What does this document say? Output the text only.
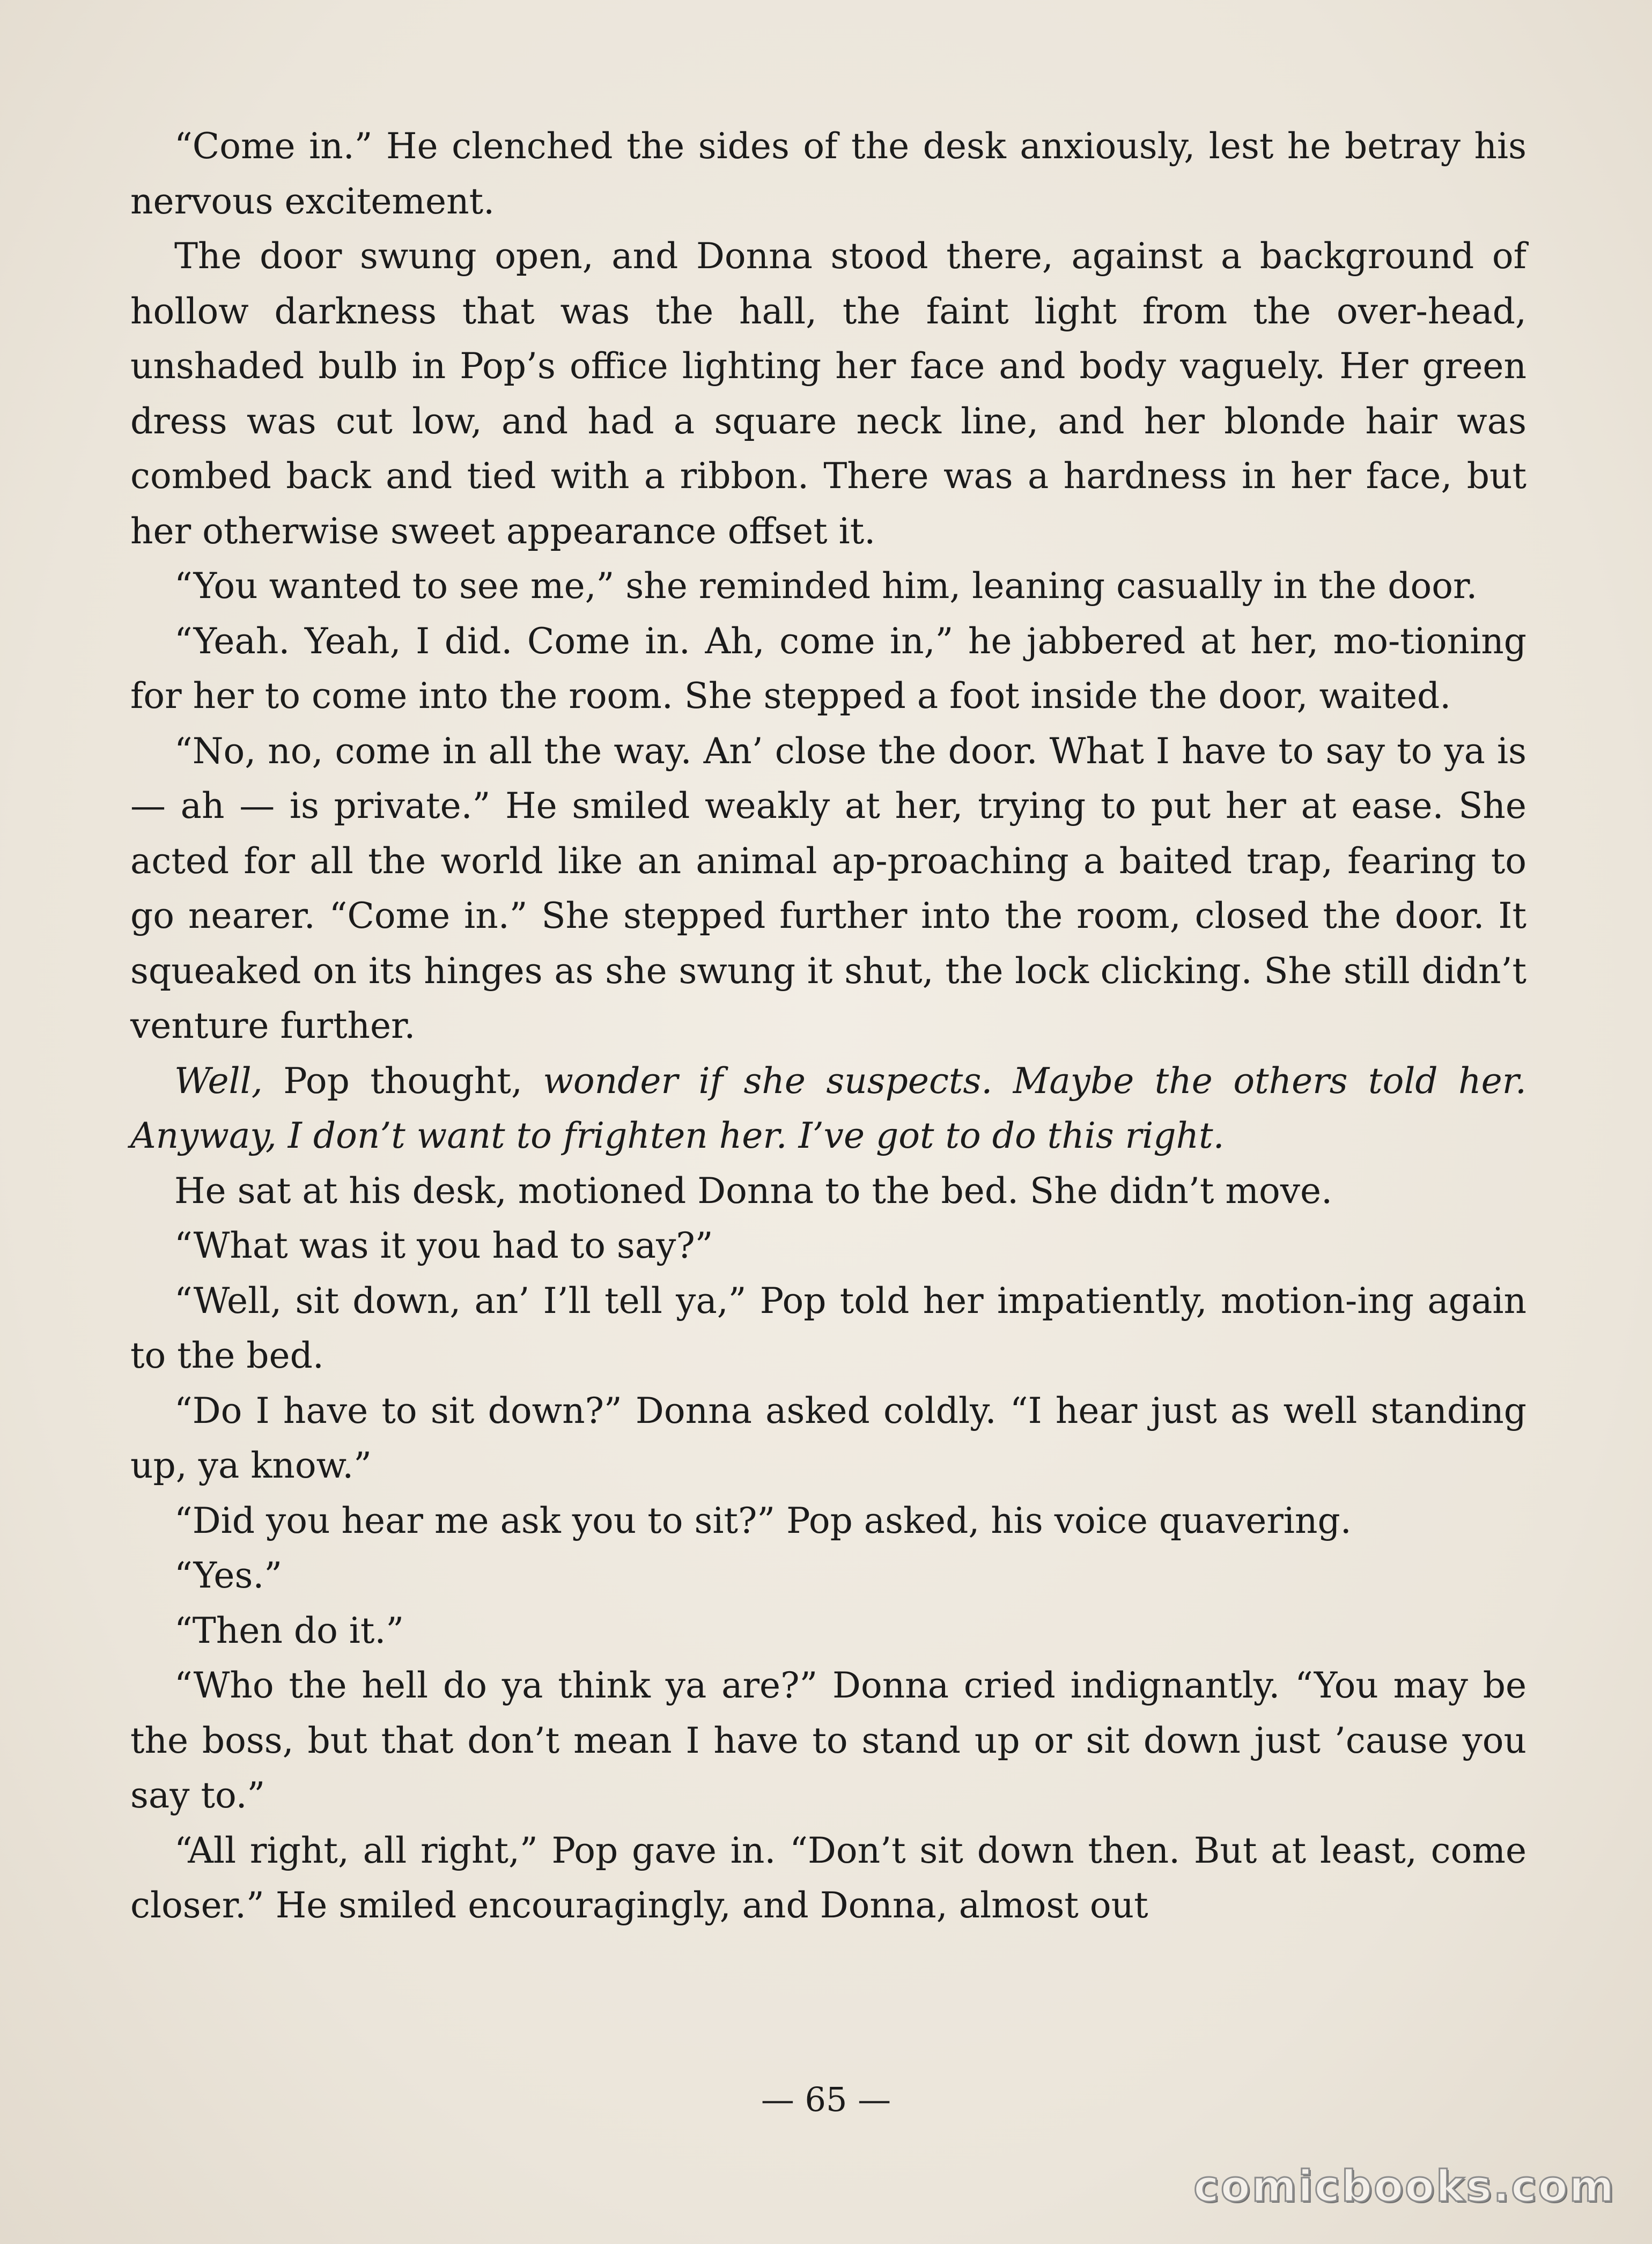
“Come in.” He clenched the sides of the desk anxiously, lest he betray his nervous excitement.

The door swung open, and Donna stood there, against a background of hollow darkness that was the hall, the faint light from the over-head, unshaded bulb in Pop’s office lighting her face and body vaguely. Her green dress was cut low, and had a square neck line, and her blonde hair was combed back and tied with a ribbon. There was a hardness in her face, but her otherwise sweet appearance offset it.

“You wanted to see me,” she reminded him, leaning casually in the door.

“Yeah. Yeah, I did. Come in. Ah, come in,” he jabbered at her, mo-tioning for her to come into the room. She stepped a foot inside the door, waited.

“No, no, come in all the way. An’ close the door. What I have to say to ya is — ah — is private.” He smiled weakly at her, trying to put her at ease. She acted for all the world like an animal ap-proaching a baited trap, fearing to go nearer. “Come in.” She stepped further into the room, closed the door. It squeaked on its hinges as she swung it shut, the lock clicking. She still didn’t venture further.

Well, Pop thought, wonder if she suspects. Maybe the others told her. Anyway, I don’t want to frighten her. I’ve got to do this right.

He sat at his desk, motioned Donna to the bed. She didn’t move.

“What was it you had to say?”

“Well, sit down, an’ I’ll tell ya,” Pop told her impatiently, motion-ing again to the bed.

“Do I have to sit down?” Donna asked coldly. “I hear just as well standing up, ya know.”

“Did you hear me ask you to sit?” Pop asked, his voice quavering.

“Yes.”

“Then do it.”

“Who the hell do ya think ya are?” Donna cried indignantly. “You may be the boss, but that don’t mean I have to stand up or sit down just ’cause you say to.”

“All right, all right,” Pop gave in. “Don’t sit down then. But at least, come closer.” He smiled encouragingly, and Donna, almost out

— 65 —
comicbooks.com
